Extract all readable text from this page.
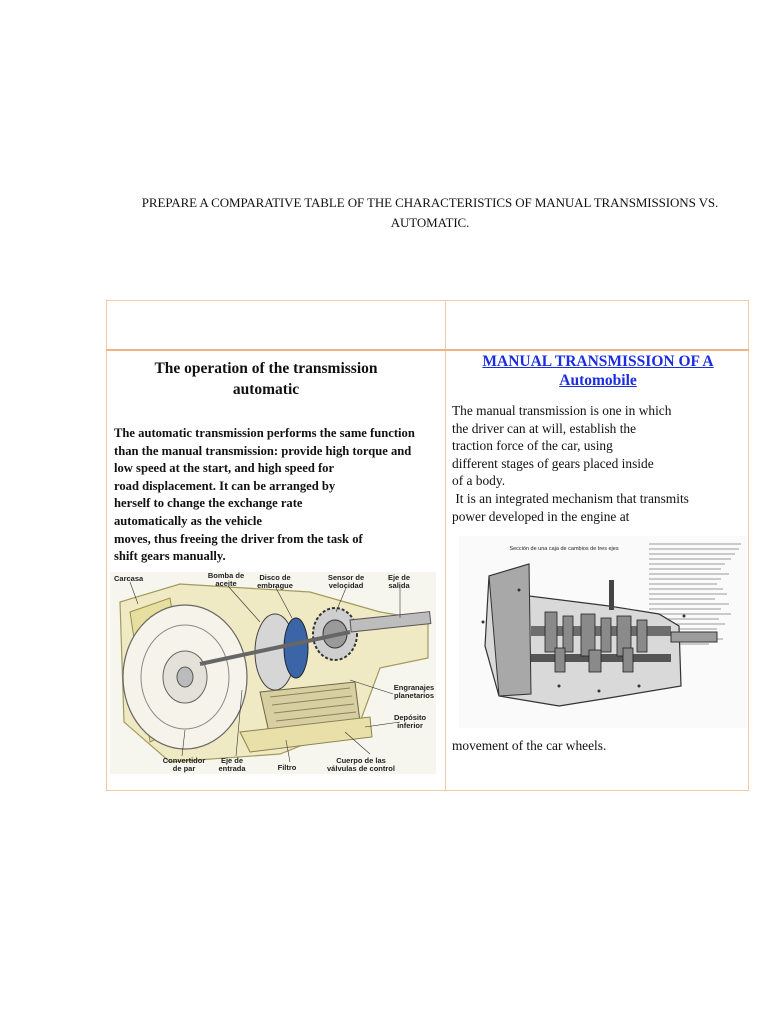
PREPARE A COMPARATIVE TABLE OF THE CHARACTERISTICS OF MANUAL TRANSMISSIONS VS.
AUTOMATIC.
The operation of the transmission
automatic
The automatic transmission performs the same function
than the manual transmission: provide high torque and
low speed at the start, and high speed for
road displacement. It can be arranged by
herself to change the exchange rate
automatically as the vehicle
moves, thus freeing the driver from the task of
shift gears manually.
Carcasa	Bomba de aceite
Disco de embrague
Sensor de velocidad
Eje de salida
Engranajes planetarios
Depósito inferior
Convertidor de par
Eje de entrada	Filtro
Cuerpo de las válvulas de control
MANUAL TRANSMISSION OF A
Automobile
The manual transmission is one in which
the driver can at will, establish the
traction force of the car, using
different stages of gears placed inside
of a body.
It is an integrated mechanism that transmits
power developed in the engine at
Sección de una caja de cambios de tres ejes
movement of the car wheels.
